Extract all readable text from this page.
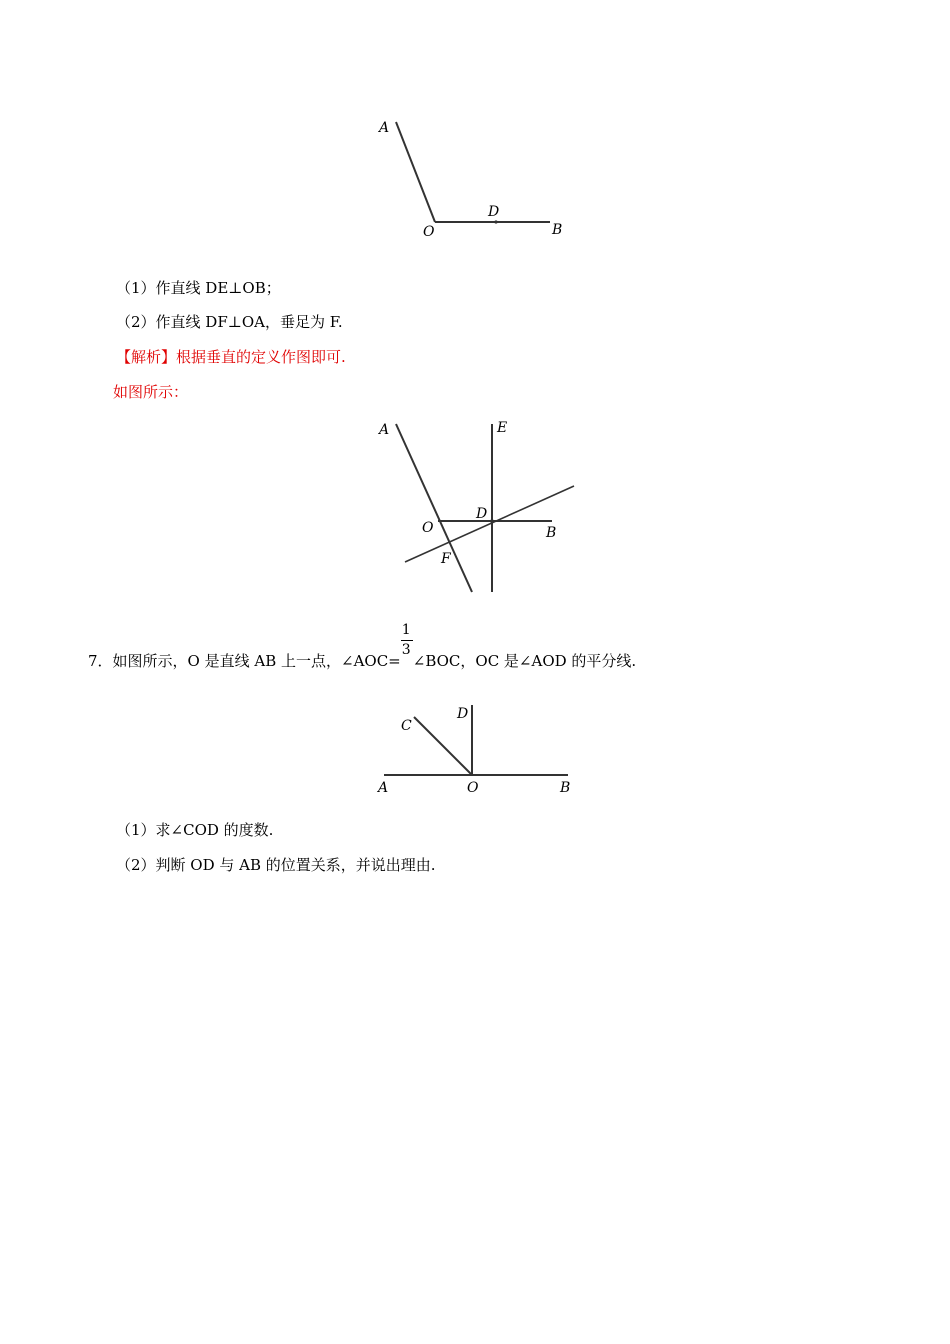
A
O
D
B
（1）作直线 DE⊥OB；
（2）作直线 DF⊥OA，垂足为 F.
【解析】根据垂直的定义作图即可.
如图所示：
A	E
O
D
B
F
7．如图所示，O 是直线 AB 上一点，∠AOC= $\frac{1}{3}$ ∠BOC，OC 是∠AOD 的平分线.
C
D
A	O	B
（1）求∠COD 的度数.
（2）判断 OD 与 AB 的位置关系，并说出理由.
